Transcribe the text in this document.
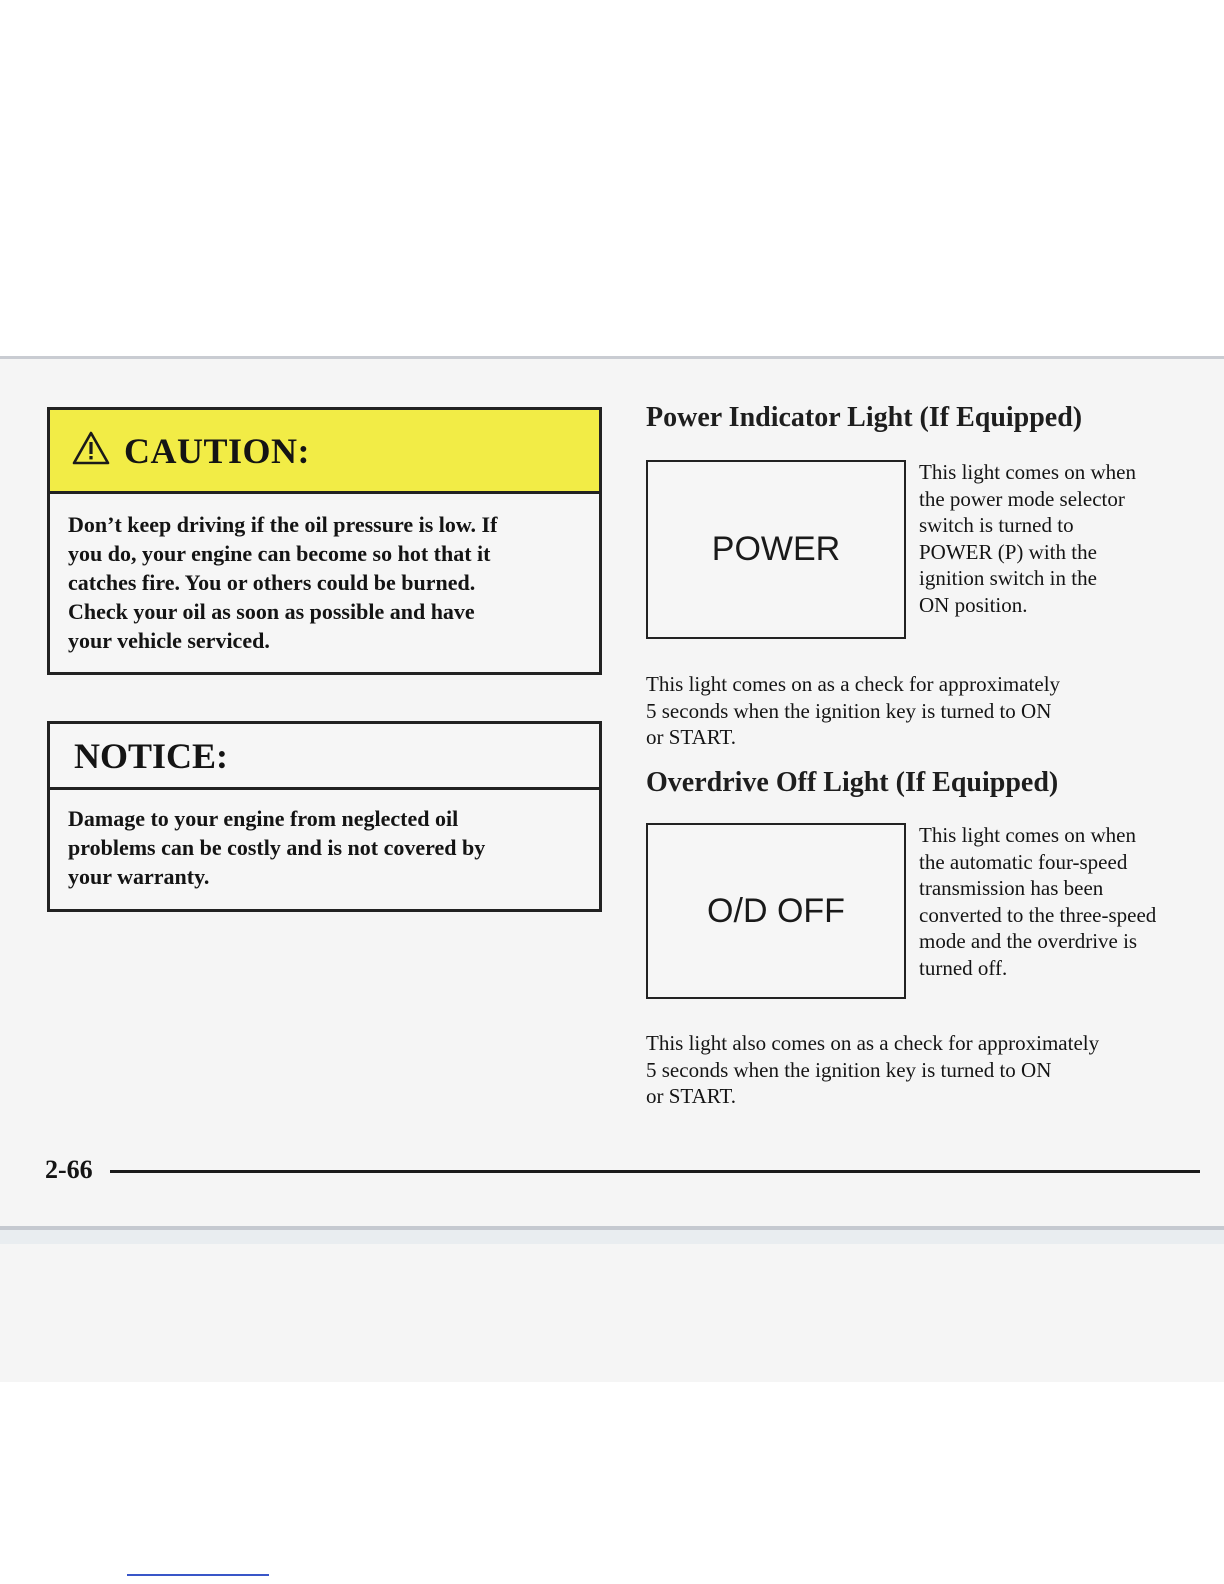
CAUTION:
Don’t keep driving if the oil pressure is low. If
you do, your engine can become so hot that it
catches fire. You or others could be burned.
Check your oil as soon as possible and have
your vehicle serviced.
NOTICE:
Damage to your engine from neglected oil
problems can be costly and is not covered by
your warranty.
Power Indicator Light (If Equipped)
POWER
This light comes on when
the power mode selector
switch is turned to
POWER (P) with the
ignition switch in the
ON position.
This light comes on as a check for approximately
5 seconds when the ignition key is turned to ON
or START.
Overdrive Off Light (If Equipped)
O/D OFF
This light comes on when
the automatic four-speed
transmission has been
converted to the three-speed
mode and the overdrive is
turned off.
This light also comes on as a check for approximately
5 seconds when the ignition key is turned to ON
or START.
2-66
